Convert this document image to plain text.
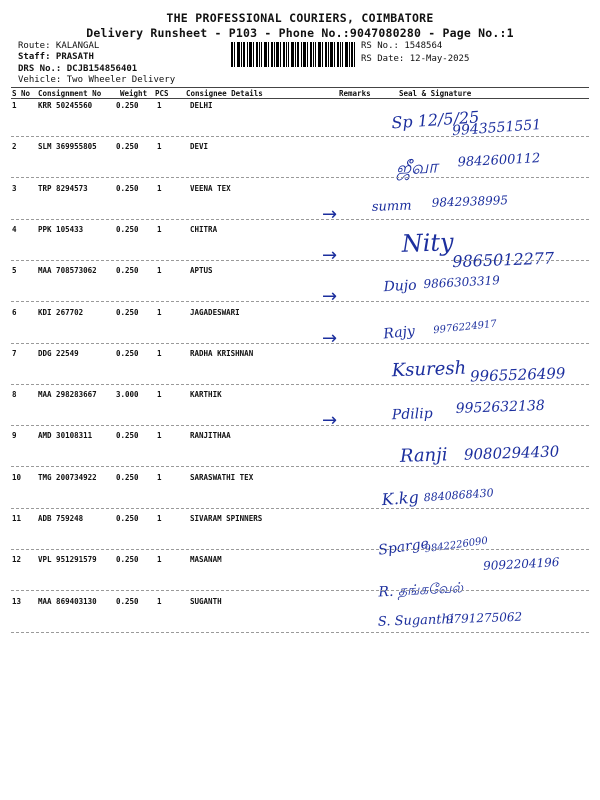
THE PROFESSIONAL COURIERS, COIMBATORE
Delivery Runsheet - P103 - Phone No.:9047080280 - Page No.:1
Route: KALANGAL
Staff: PRASATH
DRS No.: DCJB154856401
Vehicle: Two Wheeler Delivery
RS No.: 1548564
RS Date: 12-May-2025
S No Consignment No	Weight PCS Consignee Details	Remarks	Seal & Signature
1	KRR 50245560	0.250 1	DELHI
Sp 12/5/25
9943551551
2	SLM 369955805	0.250 1	DEVI
ஜீவா 9842600112
3	TRP 8294573	0.250 1	VEENA TEX
→	summ 9842938995
4	PPK 105433	0.250 1	CHITRA
→	Nity
9865012277
5	MAA 708573062	0.250 1	APTUS
→	Dujo 9866303319
6	KDI 267702	0.250 1	JAGADESWARI
→	Rajy 9976224917
7	DDG 22549	0.250 1	RADHA KRISHNAN
Ksuresh 9965526499
8	MAA 298283667	3.000 1	KARTHIK
→	Pdilip 9952632138
9	AMD 30108311	0.250 1	RANJITHAA
Ranji 9080294430
10 TMG 200734922	0.250 1	SARASWATHI TEX
K.kg 8840868430
11 ADB 759248	0.250 1	SIVARAM SPINNERS
Sparge
9842226090
12 VPL 951291579	0.250 1	MASANAM
R. தங்கவேல்
9092204196
13 MAA 869403130	0.250 1	SUGANTH
S. Suganthi
9791275062
